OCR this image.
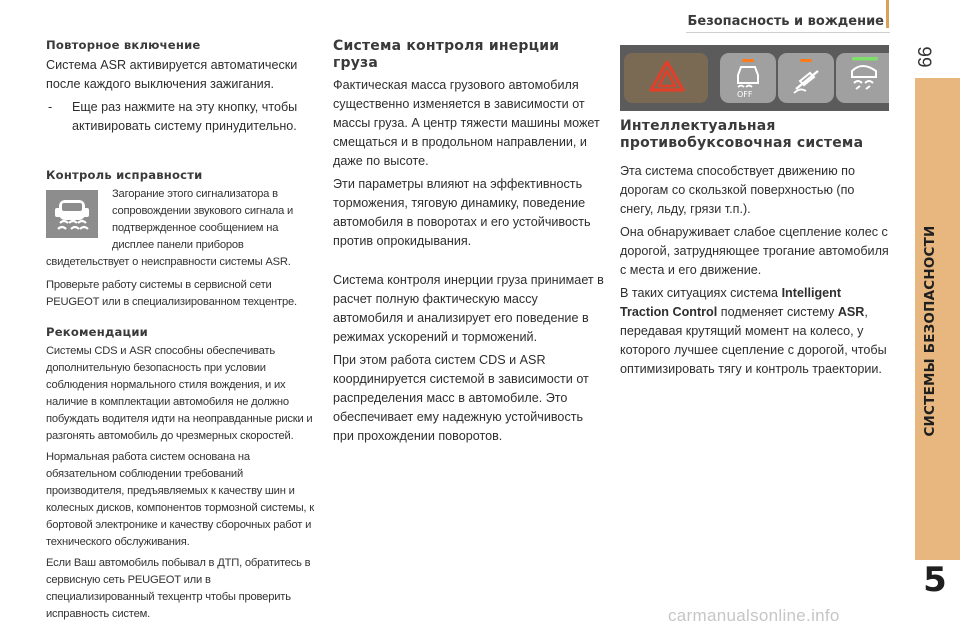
Безопасность и вождение
99
СИСТЕМЫ БЕЗОПАСНОСТИ
5
Повторное включение

Система ASR активируется автоматически после каждого выключения зажигания.

-	Еще раз нажмите на эту кнопку, чтобы активировать систему принудительно.
Контроль исправности

Загорание этого сигнализатора в сопровождении звукового сигнала и подтвержденное сообщением на дисплее панели приборов свидетельствует о неисправности системы ASR.

Проверьте работу системы в сервисной сети PEUGEOT или в специализированном техцентре.

Рекомендации

Системы CDS и ASR способны обеспечивать дополнительную безопасность при условии соблюдения нормального стиля вождения, и их наличие в комплектации автомобиля не должно побуждать водителя идти на неоправданные риски и разгонять автомобиль до чрезмерных скоростей.

Нормальная работа систем основана на обязательном соблюдении требований производителя, предъявляемых к качеству шин и колесных дисков, компонентов тормозной системы, к бортовой электронике и качеству сборочных работ и технического обслуживания.

Если Ваш автомобиль побывал в ДТП, обратитесь в сервисную сеть PEUGEOT или в специализированный техцентр чтобы проверить исправность систем.

Система контроля инерции груза

Фактическая масса грузового автомобиля существенно изменяется в зависимости от массы груза. А центр тяжести машины может смещаться и в продольном направлении, и даже по высоте.

Эти параметры влияют на эффективность торможения, тяговую динамику, поведение автомобиля в поворотах и его устойчивость против опрокидывания.

Система контроля инерции груза принимает в расчет полную фактическую массу автомобиля и анализирует его поведение в режимах ускорений и торможений.

При этом работа систем CDS и ASR координируется системой в зависимости от распределения масс в автомобиле. Это обеспечивает ему надежную устойчивость при прохождении поворотов.

OFF
Интеллектуальная противобуксовочная система

Эта система способствует движению по дорогам со скользкой поверхностью (по снегу, льду, грязи т.п.).

Она обнаруживает слабое сцепление колес с дорогой, затрудняющее трогание автомобиля с места и его движение.

В таких ситуациях система Intelligent Traction Control подменяет систему ASR, передавая крутящий момент на колесо, у которого лучшее сцепление с дорогой, чтобы оптимизировать тягу и контроль траектории.

carmanualsonline.info
